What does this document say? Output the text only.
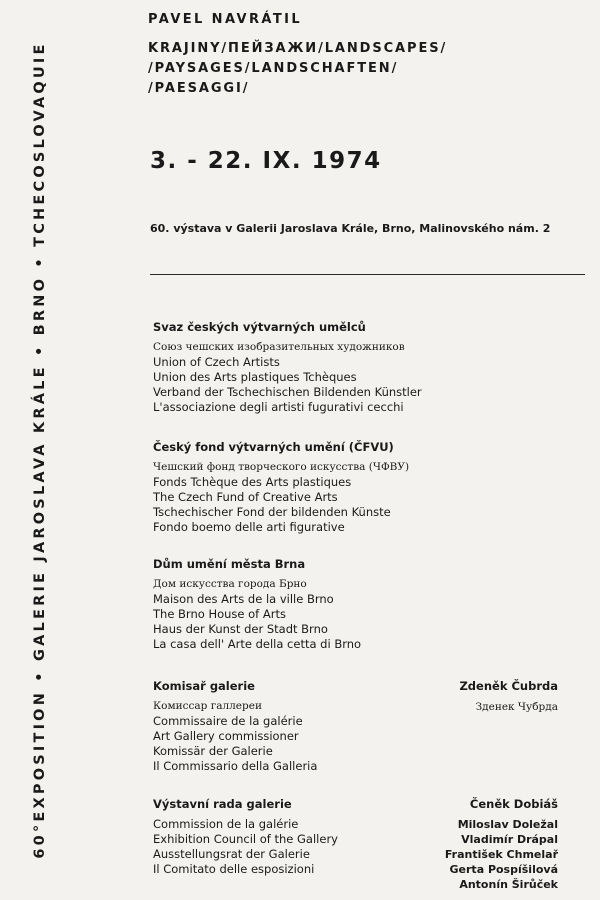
60°EXPOSITION • GALERIE JAROSLAVA KRÁLE • BRNO • TCHECOSLOVAQUIE
PAVEL NAVRÁTIL
KRAJINY/ПЕЙЗАЖИ/LANDSCAPES/
/PAYSAGES/LANDSCHAFTEN/
/PAESAGGI/
3. - 22. IX. 1974
60. výstava v Galerii Jaroslava Krále, Brno, Malinovského nám. 2
Svaz českých výtvarných umělců
Союз чешских изобразительных художников
Union of Czech Artists
Union des Arts plastiques Tchèques
Verband der Tschechischen Bildenden Künstler
L'associazione degli artisti fugurativi cecchi
Český fond výtvarných umění (ČFVU)
Чешский фонд творческого искусства (ЧФВУ)
Fonds Tchèque des Arts plastiques
The Czech Fund of Creative Arts
Tschechischer Fond der bildenden Künste
Fondo boemo delle arti figurative
Dům umění města Brna
Дом искусства города Брно
Maison des Arts de la ville Brno
The Brno House of Arts
Haus der Kunst der Stadt Brno
La casa dell' Arte della cetta di Brno
Komisař galerie
Комиссар галлереи
Commissaire de la galérie
Art Gallery commissioner
Komissär der Galerie
Il Commissario della Galleria
Zdeněk Čubrda
Зденек Чубрда
Výstavní rada galerie
Commission de la galérie
Exhibition Council of the Gallery
Ausstellungsrat der Galerie
Il Comitato delle esposizioni
Čeněk Dobiáš
Miloslav Doležal
Vladimír Drápal
František Chmelař
Gerta Pospíšilová
Antonín Širůček
